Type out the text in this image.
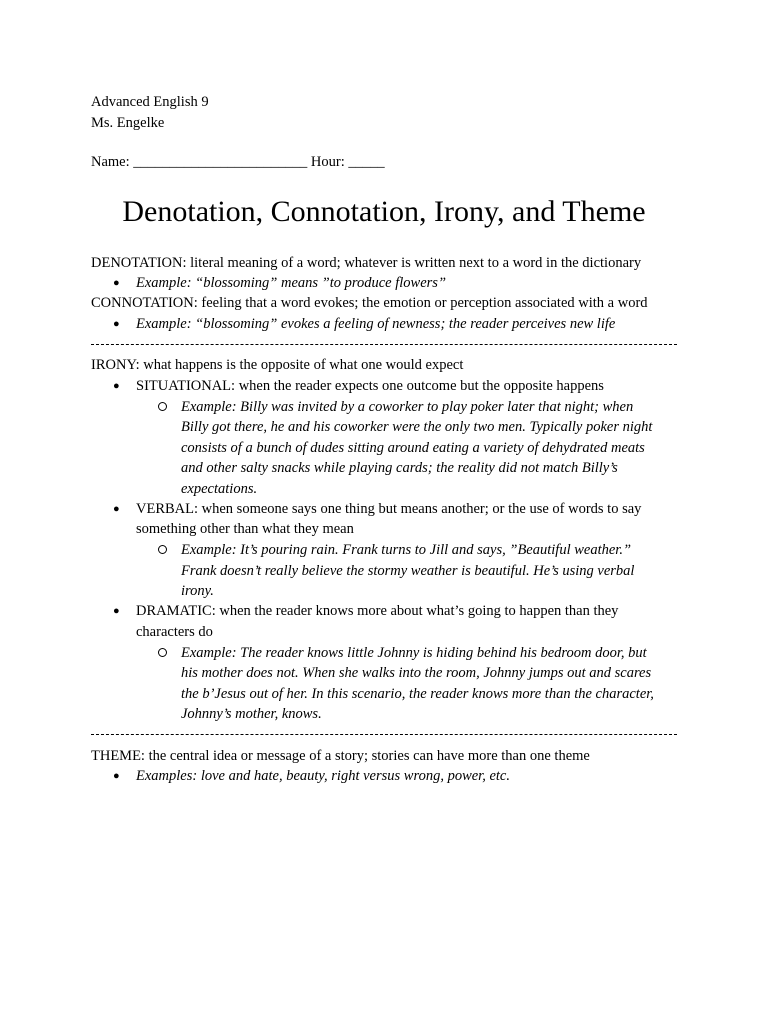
Advanced English 9
Ms. Engelke
Name: ________________________ Hour: _____
Denotation, Connotation, Irony, and Theme
DENOTATION: literal meaning of a word; whatever is written next to a word in the dictionary
● Example: “blossoming” means ”to produce flowers”
CONNOTATION: feeling that a word evokes; the emotion or perception associated with a word
● Example: “blossoming” evokes a feeling of newness; the reader perceives new life
IRONY: what happens is the opposite of what one would expect
● SITUATIONAL: when the reader expects one outcome but the opposite happens
Example: Billy was invited by a coworker to play poker later that night; when
Billy got there, he and his coworker were the only two men. Typically poker night
consists of a bunch of dudes sitting around eating a variety of dehydrated meats
and other salty snacks while playing cards; the reality did not match Billy’s
expectations.
● VERBAL: when someone says one thing but means another; or the use of words to say
something other than what they mean
Example: It’s pouring rain. Frank turns to Jill and says, ”Beautiful weather.”
Frank doesn’t really believe the stormy weather is beautiful. He’s using verbal
irony.
● DRAMATIC: when the reader knows more about what’s going to happen than they
characters do
Example: The reader knows little Johnny is hiding behind his bedroom door, but
his mother does not. When she walks into the room, Johnny jumps out and scares
the b’Jesus out of her. In this scenario, the reader knows more than the character,
Johnny’s mother, knows.
THEME: the central idea or message of a story; stories can have more than one theme
● Examples: love and hate, beauty, right versus wrong, power, etc.
